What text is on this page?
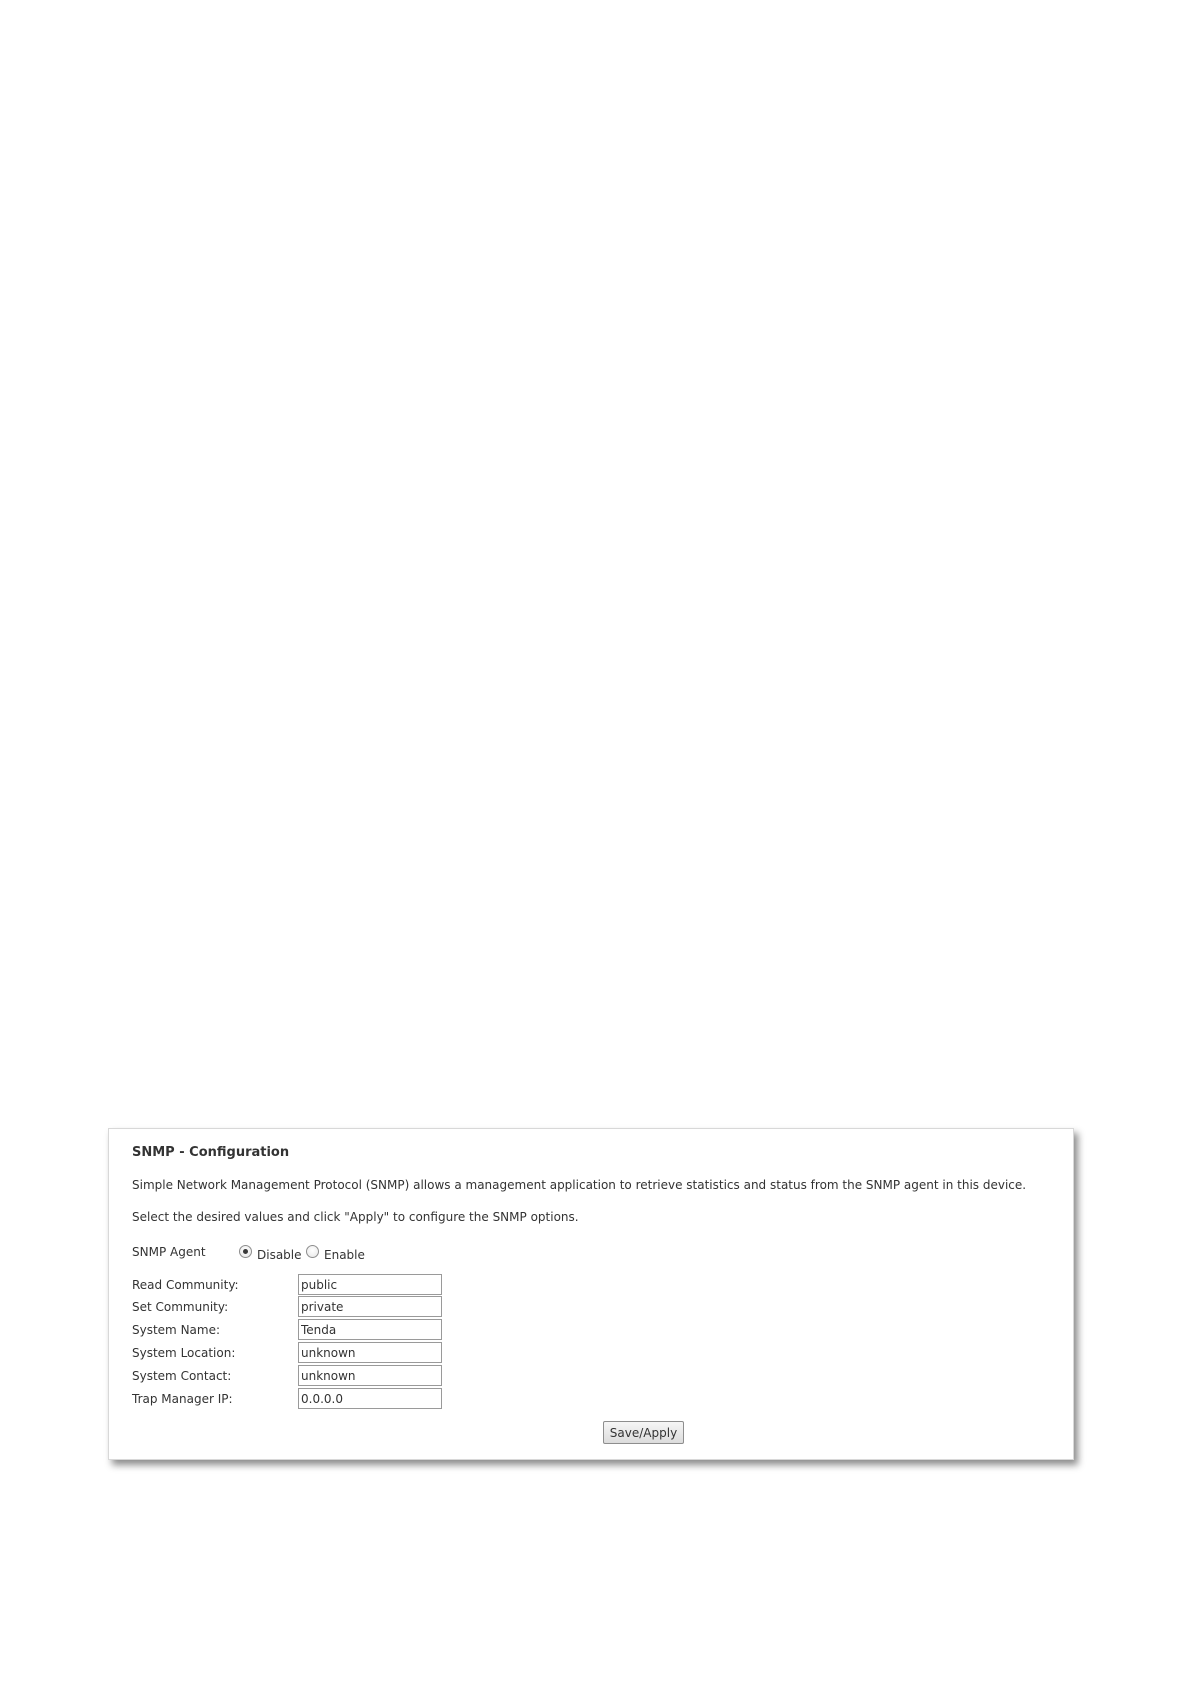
SNMP - Configuration
Simple Network Management Protocol (SNMP) allows a management application to retrieve statistics and status from the SNMP agent in this device.
Select the desired values and click "Apply" to configure the SNMP options.
SNMP Agent	Disable Enable
Read Community:
public
Set Community:
private
System Name:
Tenda
System Location:
unknown
System Contact:
unknown
Trap Manager IP:
0.0.0.0
Save/Apply
